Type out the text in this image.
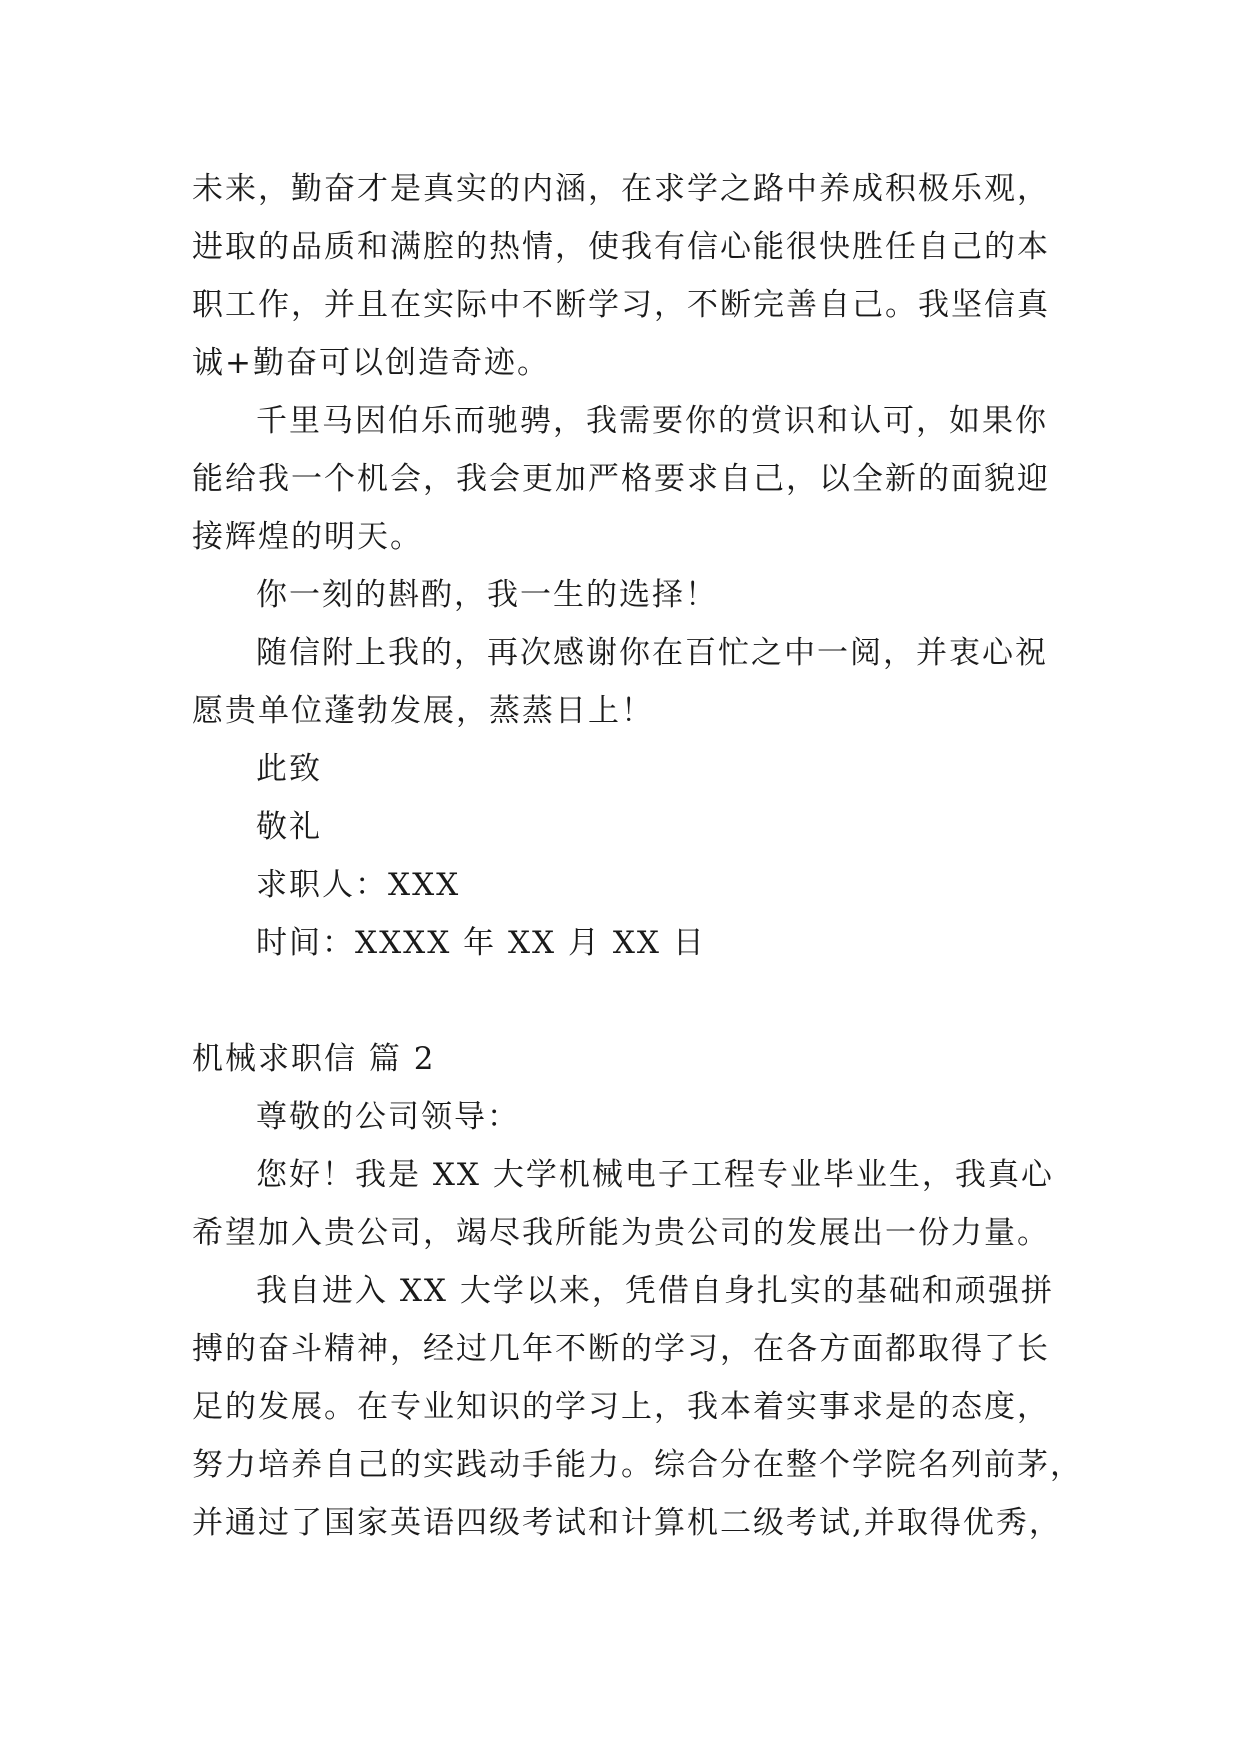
未来，勤奋才是真实的内涵，在求学之路中养成积极乐观，
进取的品质和满腔的热情，使我有信心能很快胜任自己的本
职工作，并且在实际中不断学习，不断完善自己。我坚信真
诚+勤奋可以创造奇迹。
千里马因伯乐而驰骋，我需要你的赏识和认可，如果你
能给我一个机会，我会更加严格要求自己，以全新的面貌迎
接辉煌的明天。
你一刻的斟酌，我一生的选择！
随信附上我的，再次感谢你在百忙之中一阅，并衷心祝
愿贵单位蓬勃发展，蒸蒸日上！
此致
敬礼
求职人：XXX
时间：XXXX 年 XX 月 XX 日
机械求职信 篇 2
尊敬的公司领导：
您好！我是 XX 大学机械电子工程专业毕业生，我真心
希望加入贵公司，竭尽我所能为贵公司的发展出一份力量。
我自进入 XX 大学以来，凭借自身扎实的基础和顽强拼
搏的奋斗精神，经过几年不断的学习，在各方面都取得了长
足的发展。在专业知识的学习上，我本着实事求是的态度，
努力培养自己的实践动手能力。综合分在整个学院名列前茅，
并通过了国家英语四级考试和计算机二级考试,并取得优秀，
